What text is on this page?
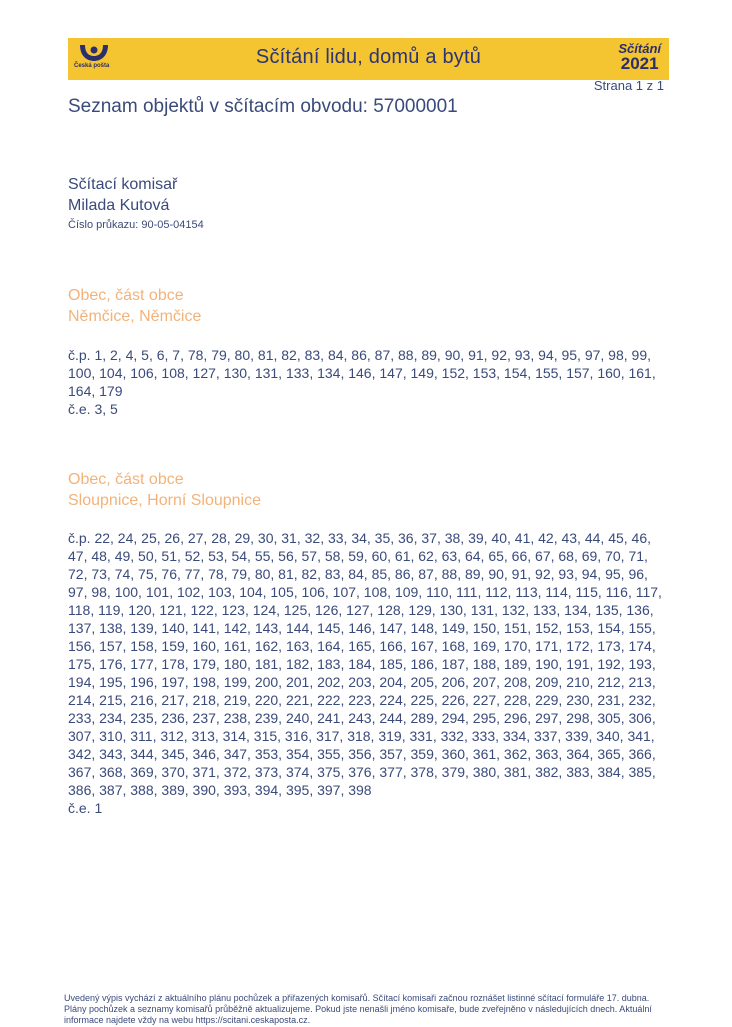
Česká pošta	Sčítání lidu, domů a bytů	Sčítání
2021
Strana 1 z 1
Seznam objektů v sčítacím obvodu: 57000001
Sčítací komisař
Milada Kutová
Číslo průkazu: 90-05-04154
Obec, část obce
Němčice, Němčice
č.p. 1, 2, 4, 5, 6, 7, 78, 79, 80, 81, 82, 83, 84, 86, 87, 88, 89, 90, 91, 92, 93, 94, 95, 97, 98, 99, 100, 104, 106, 108, 127, 130, 131, 133, 134, 146, 147, 149, 152, 153, 154, 155, 157, 160, 161, 164, 179
č.e. 3, 5
Obec, část obce
Sloupnice, Horní Sloupnice
č.p. 22, 24, 25, 26, 27, 28, 29, 30, 31, 32, 33, 34, 35, 36, 37, 38, 39, 40, 41, 42, 43, 44, 45, 46, 47, 48, 49, 50, 51, 52, 53, 54, 55, 56, 57, 58, 59, 60, 61, 62, 63, 64, 65, 66, 67, 68, 69, 70, 71, 72, 73, 74, 75, 76, 77, 78, 79, 80, 81, 82, 83, 84, 85, 86, 87, 88, 89, 90, 91, 92, 93, 94, 95, 96, 97, 98, 100, 101, 102, 103, 104, 105, 106, 107, 108, 109, 110, 111, 112, 113, 114, 115, 116, 117, 118, 119, 120, 121, 122, 123, 124, 125, 126, 127, 128, 129, 130, 131, 132, 133, 134, 135, 136, 137, 138, 139, 140, 141, 142, 143, 144, 145, 146, 147, 148, 149, 150, 151, 152, 153, 154, 155, 156, 157, 158, 159, 160, 161, 162, 163, 164, 165, 166, 167, 168, 169, 170, 171, 172, 173, 174, 175, 176, 177, 178, 179, 180, 181, 182, 183, 184, 185, 186, 187, 188, 189, 190, 191, 192, 193, 194, 195, 196, 197, 198, 199, 200, 201, 202, 203, 204, 205, 206, 207, 208, 209, 210, 212, 213, 214, 215, 216, 217, 218, 219, 220, 221, 222, 223, 224, 225, 226, 227, 228, 229, 230, 231, 232, 233, 234, 235, 236, 237, 238, 239, 240, 241, 243, 244, 289, 294, 295, 296, 297, 298, 305, 306, 307, 310, 311, 312, 313, 314, 315, 316, 317, 318, 319, 331, 332, 333, 334, 337, 339, 340, 341, 342, 343, 344, 345, 346, 347, 353, 354, 355, 356, 357, 359, 360, 361, 362, 363, 364, 365, 366, 367, 368, 369, 370, 371, 372, 373, 374, 375, 376, 377, 378, 379, 380, 381, 382, 383, 384, 385, 386, 387, 388, 389, 390, 393, 394, 395, 397, 398
č.e. 1
Uvedený výpis vychází z aktuálního plánu pochůzek a přiřazených komisařů. Sčítací komisaři začnou roznášet listinné sčítací formuláře 17. dubna. Plány pochůzek a seznamy komisařů průběžně aktualizujeme. Pokud jste nenašli jméno komisaře, bude zveřejněno v následujících dnech. Aktuální informace najdete vždy na webu https://scitani.ceskaposta.cz.
